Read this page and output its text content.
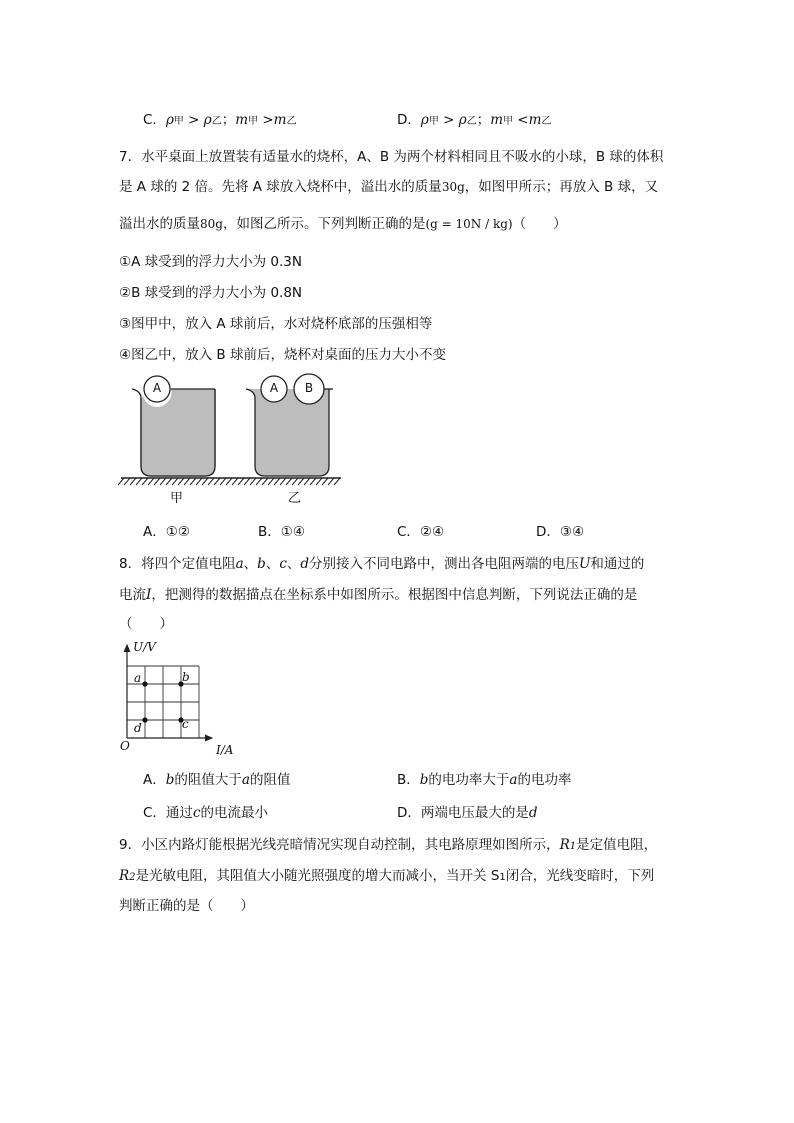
C．ρ甲 > ρ乙；m甲 >m乙	D．ρ甲 > ρ乙；m甲 <m乙
7．水平桌面上放置装有适量水的烧杯，A、B 为两个材料相同且不吸水的小球，B 球的体积
是 A 球的 2 倍。先将 A 球放入烧杯中，溢出水的质量30g，如图甲所示；再放入 B 球，又
溢出水的质量80g，如图乙所示。下列判断正确的是(g = 10N / kg)（　　）
①A 球受到的浮力大小为 0.3N
②B 球受到的浮力大小为 0.8N
③图甲中，放入 A 球前后，水对烧杯底部的压强相等
④图乙中，放入 B 球前后，烧杯对桌面的压力大小不变
A	A B
甲	乙
A．①②	B．①④	C．②④	D．③④
8．将四个定值电阻a、b、c、d分别接入不同电路中，测出各电阻两端的电压U和通过的
电流I，把测得的数据描点在坐标系中如图所示。根据图中信息判断，下列说法正确的是
（　　）
U/V
I/A
O
a	b
c
d
A．b的阻值大于a的阻值	B．b的电功率大于a的电功率
C．通过c的电流最小	D．两端电压最大的是d
9．小区内路灯能根据光线亮暗情况实现自动控制，其电路原理如图所示，R1是定值电阻，
R2是光敏电阻，其阻值大小随光照强度的增大而减小，当开关 S1闭合，光线变暗时，下列
判断正确的是（　　）
